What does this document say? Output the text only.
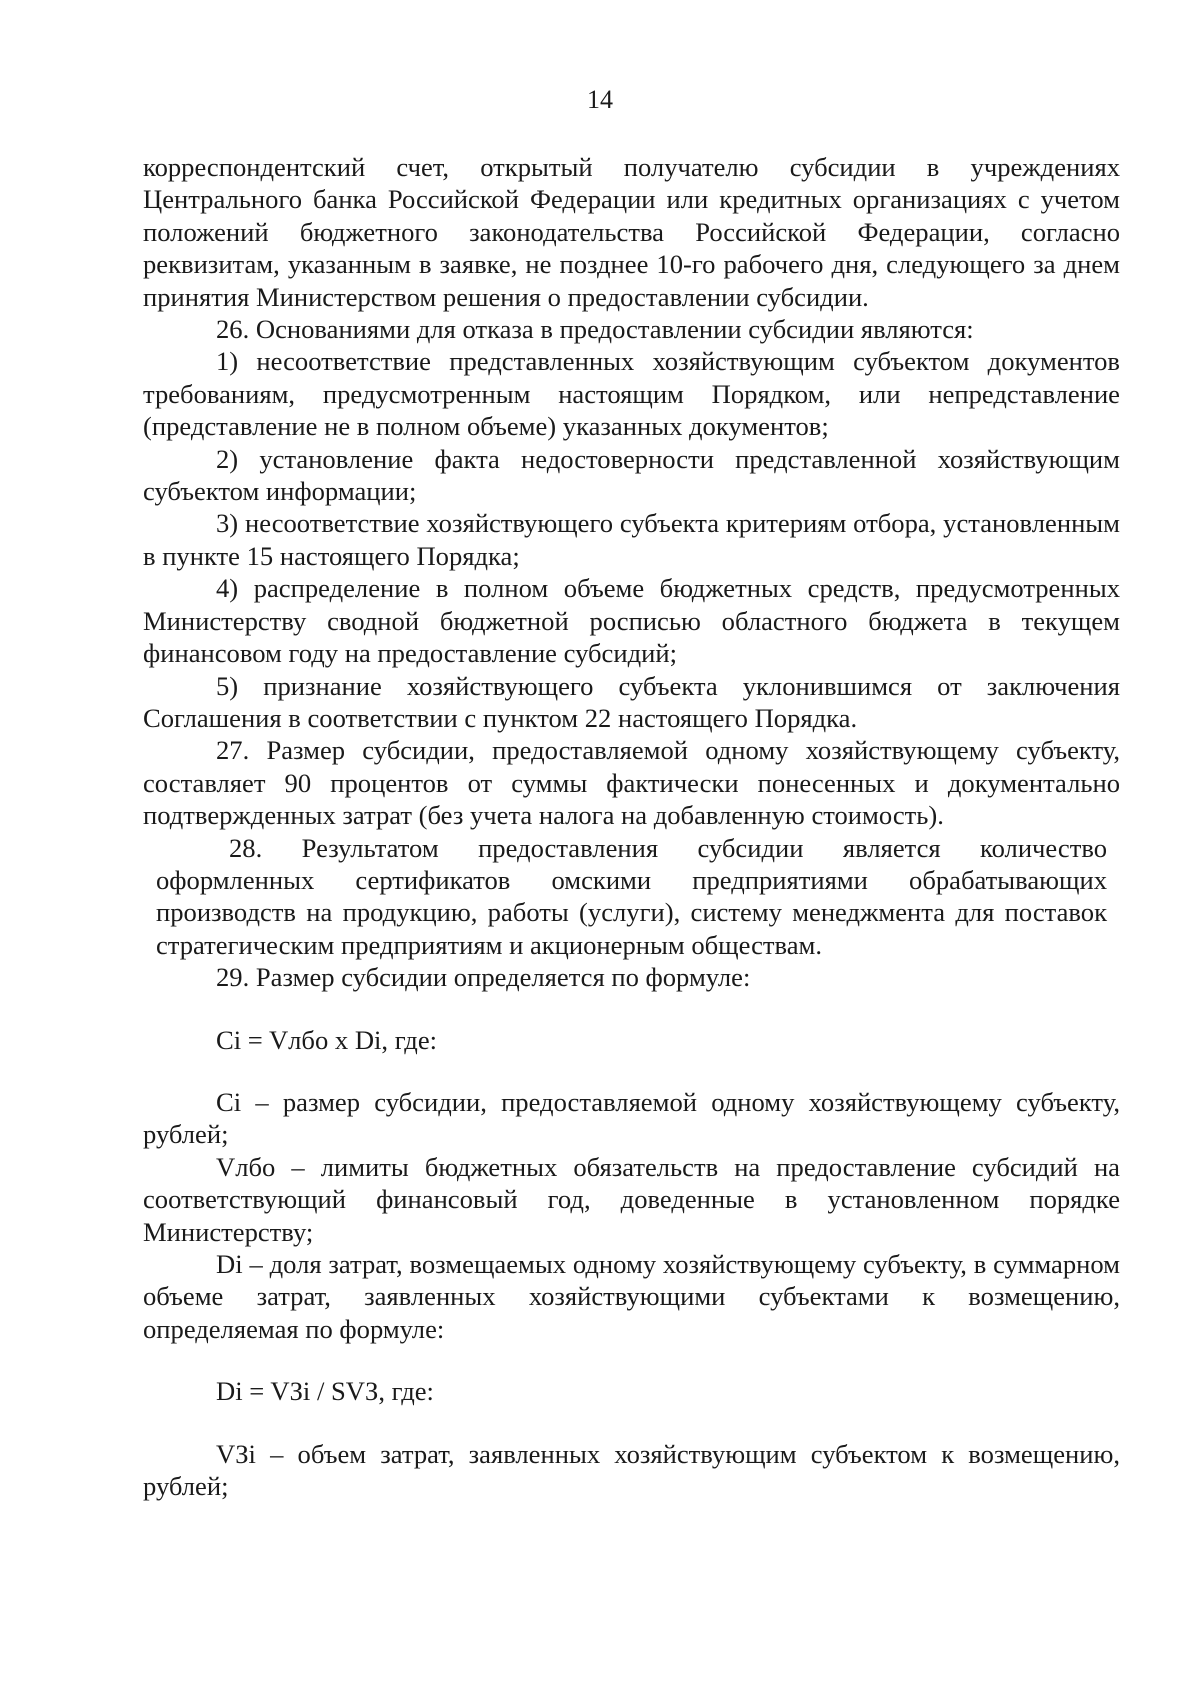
14

корреспондентский счет, открытый получателю субсидии в учреждениях Центрального банка Российской Федерации или кредитных организациях с учетом положений бюджетного законодательства Российской Федерации, согласно реквизитам, указанным в заявке, не позднее 10-го рабочего дня, следующего за днем принятия Министерством решения о предоставлении субсидии.

26. Основаниями для отказа в предоставлении субсидии являются:

1) несоответствие представленных хозяйствующим субъектом документов требованиям, предусмотренным настоящим Порядком, или непредставление (представление не в полном объеме) указанных документов;

2) установление факта недостоверности представленной хозяйствующим субъектом информации;

3) несоответствие хозяйствующего субъекта критериям отбора, установленным в пункте 15 настоящего Порядка;

4) распределение в полном объеме бюджетных средств, предусмотренных Министерству сводной бюджетной росписью областного бюджета в текущем финансовом году на предоставление субсидий;

5) признание хозяйствующего субъекта уклонившимся от заключения Соглашения в соответствии с пунктом 22 настоящего Порядка.

27. Размер субсидии, предоставляемой одному хозяйствующему субъекту, составляет 90 процентов от суммы фактически понесенных и документально подтвержденных затрат (без учета налога на добавленную стоимость).

28. Результатом предоставления субсидии является количество оформленных сертификатов омскими предприятиями обрабатывающих производств на продукцию, работы (услуги), систему менеджмента для поставок стратегическим предприятиям и акционерным обществам.

29. Размер субсидии определяется по формуле:

Ci = Vлбо x Di, где:

Ci – размер субсидии, предоставляемой одному хозяйствующему субъекту, рублей;

Vлбо – лимиты бюджетных обязательств на предоставление субсидий на соответствующий финансовый год, доведенные в установленном порядке Министерству;

Di – доля затрат, возмещаемых одному хозяйствующему субъекту, в суммарном объеме затрат, заявленных хозяйствующими субъектами к возмещению, определяемая по формуле:

Di = VЗi / SVЗ, где:

VЗi – объем затрат, заявленных хозяйствующим субъектом к возмещению, рублей;
